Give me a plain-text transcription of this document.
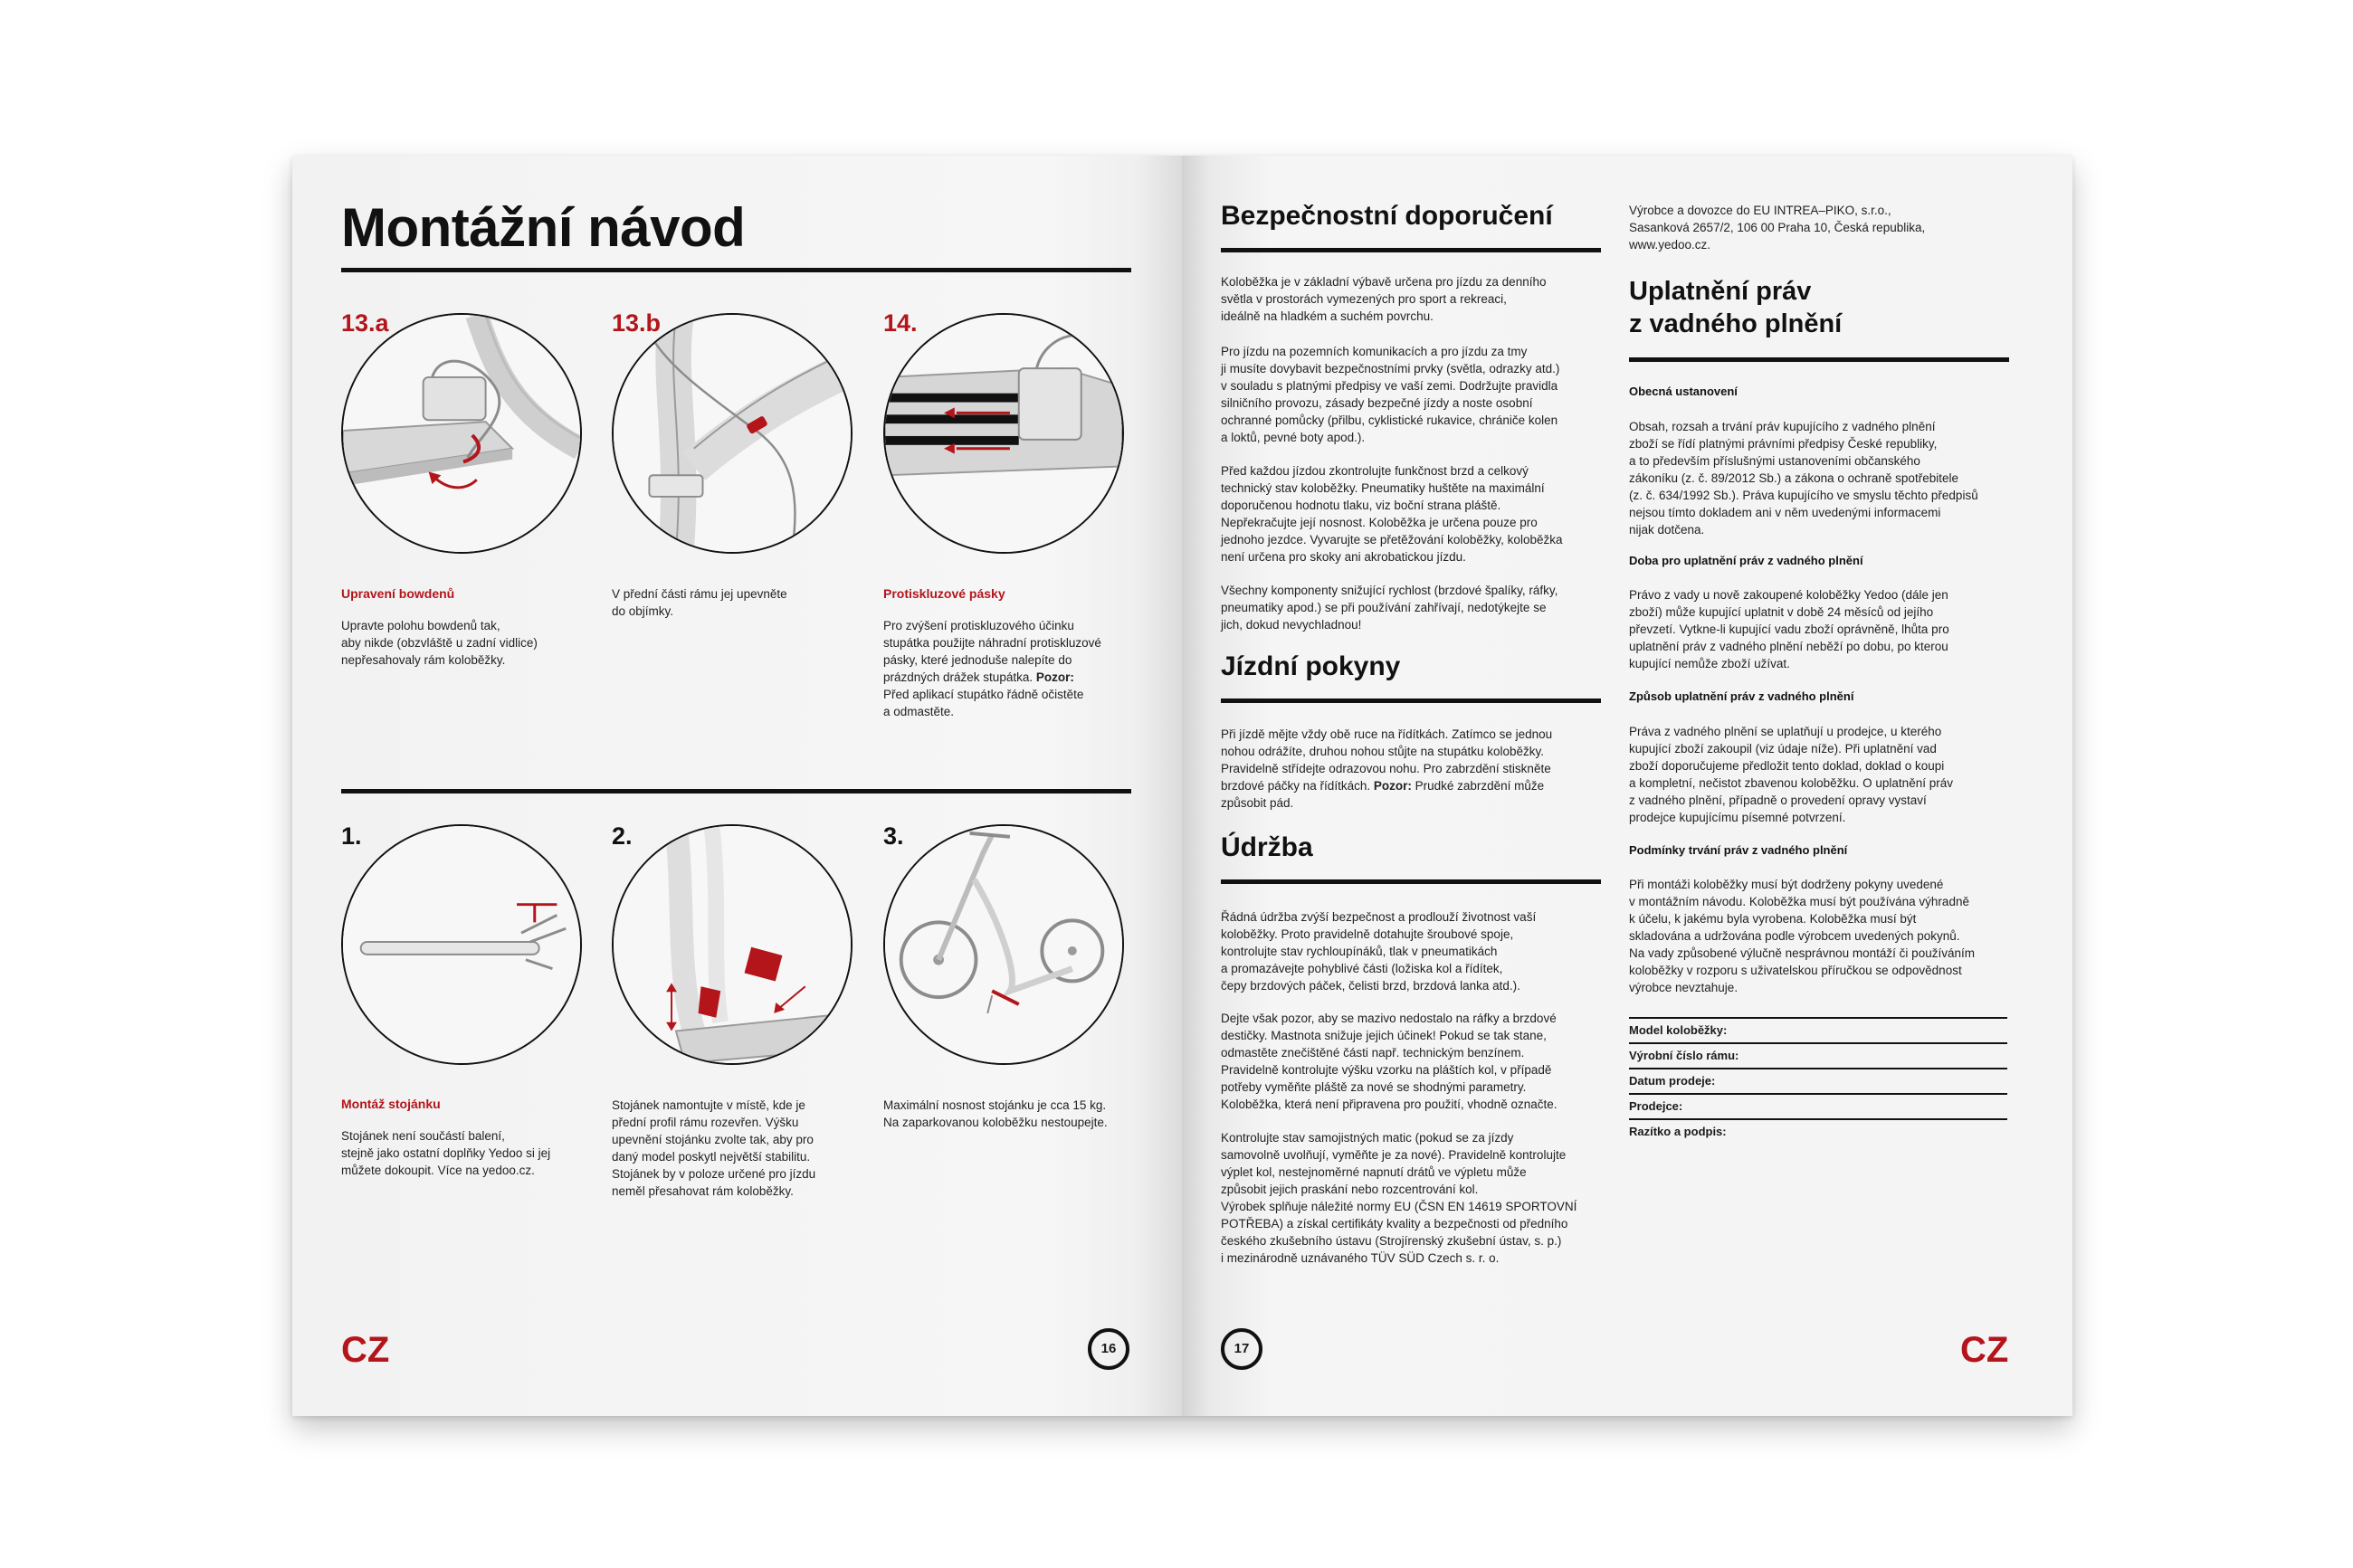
Montážní návod
13.a	13.b	14.
Upravení bowdenů
Upravte polohu bowdenů tak,
aby nikde (obzvláště u zadní vidlice)
nepřesahovaly rám koloběžky.
V přední části rámu jej upevněte
do objímky.
Protiskluzové pásky
Pro zvýšení protiskluzového účinku
stupátka použijte náhradní protiskluzové
pásky, které jednoduše nalepíte do
prázdných drážek stupátka. Pozor:
Před aplikací stupátko řádně očistěte
a odmastěte.
1.	2.	3.
Montáž stojánku
Stojánek není součástí balení,
stejně jako ostatní doplňky Yedoo si jej
můžete dokoupit. Více na yedoo.cz.
Stojánek namontujte v místě, kde je
přední profil rámu rozevřen. Výšku
upevnění stojánku zvolte tak, aby pro
daný model poskytl největší stabilitu.
Stojánek by v poloze určené pro jízdu
neměl přesahovat rám koloběžky.
Maximální nosnost stojánku je cca 15 kg.
Na zaparkovanou koloběžku nestoupejte.
CZ	16
Bezpečnostní doporučení
Koloběžka je v základní výbavě určena pro jízdu za denního
světla v prostorách vymezených pro sport a rekreaci,
ideálně na hladkém a suchém povrchu.
Pro jízdu na pozemních komunikacích a pro jízdu za tmy
ji musíte dovybavit bezpečnostními prvky (světla, odrazky atd.)
v souladu s platnými předpisy ve vaší zemi. Dodržujte pravidla
silničního provozu, zásady bezpečné jízdy a noste osobní
ochranné pomůcky (přilbu, cyklistické rukavice, chrániče kolen
a loktů, pevné boty apod.).
Před každou jízdou zkontrolujte funkčnost brzd a celkový
technický stav koloběžky. Pneumatiky huštěte na maximální
doporučenou hodnotu tlaku, viz boční strana pláště.
Nepřekračujte její nosnost. Koloběžka je určena pouze pro
jednoho jezdce. Vyvarujte se přetěžování koloběžky, koloběžka
není určena pro skoky ani akrobatickou jízdu.
Všechny komponenty snižující rychlost (brzdové špalíky, ráfky,
pneumatiky apod.) se při používání zahřívají, nedotýkejte se
jich, dokud nevychladnou!
Jízdní pokyny
Při jízdě mějte vždy obě ruce na řídítkách. Zatímco se jednou
nohou odrážíte, druhou nohou stůjte na stupátku koloběžky.
Pravidelně střídejte odrazovou nohu. Pro zabrzdění stiskněte
brzdové páčky na řídítkách. Pozor: Prudké zabrzdění může
způsobit pád.
Údržba
Řádná údržba zvýší bezpečnost a prodlouží životnost vaší
koloběžky. Proto pravidelně dotahujte šroubové spoje,
kontrolujte stav rychloupínáků, tlak v pneumatikách
a promazávejte pohyblivé části (ložiska kol a řídítek,
čepy brzdových páček, čelisti brzd, brzdová lanka atd.).
Dejte však pozor, aby se mazivo nedostalo na ráfky a brzdové
destičky. Mastnota snižuje jejich účinek! Pokud se tak stane,
odmastěte znečištěné části např. technickým benzínem.
Pravidelně kontrolujte výšku vzorku na pláštích kol, v případě
potřeby vyměňte pláště za nové se shodnými parametry.
Koloběžka, která není připravena pro použití, vhodně označte.
Kontrolujte stav samojistných matic (pokud se za jízdy
samovolně uvolňují, vyměňte je za nové). Pravidelně kontrolujte
výplet kol, nestejnoměrné napnutí drátů ve výpletu může
způsobit jejich praskání nebo rozcentrování kol.
Výrobek splňuje náležité normy EU (ČSN EN 14619 SPORTOVNÍ
POTŘEBA) a získal certifikáty kvality a bezpečnosti od předního
českého zkušebního ústavu (Strojírenský zkušební ústav, s. p.)
i mezinárodně uznávaného TÜV SÜD Czech s. r. o.
Výrobce a dovozce do EU INTREA–PIKO, s.r.o.,
Sasanková 2657/2, 106 00 Praha 10, Česká republika,
www.yedoo.cz.
Uplatnění práv
z vadného plnění
Obecná ustanovení
Obsah, rozsah a trvání práv kupujícího z vadného plnění
zboží se řídí platnými právními předpisy České republiky,
a to především příslušnými ustanoveními občanského
zákoníku (z. č. 89/2012 Sb.) a zákona o ochraně spotřebitele
(z. č. 634/1992 Sb.). Práva kupujícího ve smyslu těchto předpisů
nejsou tímto dokladem ani v něm uvedenými informacemi
nijak dotčena.
Doba pro uplatnění práv z vadného plnění
Právo z vady u nově zakoupené koloběžky Yedoo (dále jen
zboží) může kupující uplatnit v době 24 měsíců od jejího
převzetí. Vytkne-li kupující vadu zboží oprávněně, lhůta pro
uplatnění práv z vadného plnění neběží po dobu, po kterou
kupující nemůže zboží užívat.
Způsob uplatnění práv z vadného plnění
Práva z vadného plnění se uplatňují u prodejce, u kterého
kupující zboží zakoupil (viz údaje níže). Při uplatnění vad
zboží doporučujeme předložit tento doklad, doklad o koupi
a kompletní, nečistot zbavenou koloběžku. O uplatnění práv
z vadného plnění, případně o provedení opravy vystaví
prodejce kupujícímu písemné potvrzení.
Podmínky trvání práv z vadného plnění
Při montáži koloběžky musí být dodrženy pokyny uvedené
v montážním návodu. Koloběžka musí být používána výhradně
k účelu, k jakému byla vyrobena. Koloběžka musí být
skladována a udržována podle výrobcem uvedených pokynů.
Na vady způsobené výlučně nesprávnou montáží či používáním
koloběžky v rozporu s uživatelskou příručkou se odpovědnost
výrobce nevztahuje.
Model koloběžky:
Výrobní číslo rámu:
Datum prodeje:
Prodejce:
Razítko a podpis:
17	CZ
